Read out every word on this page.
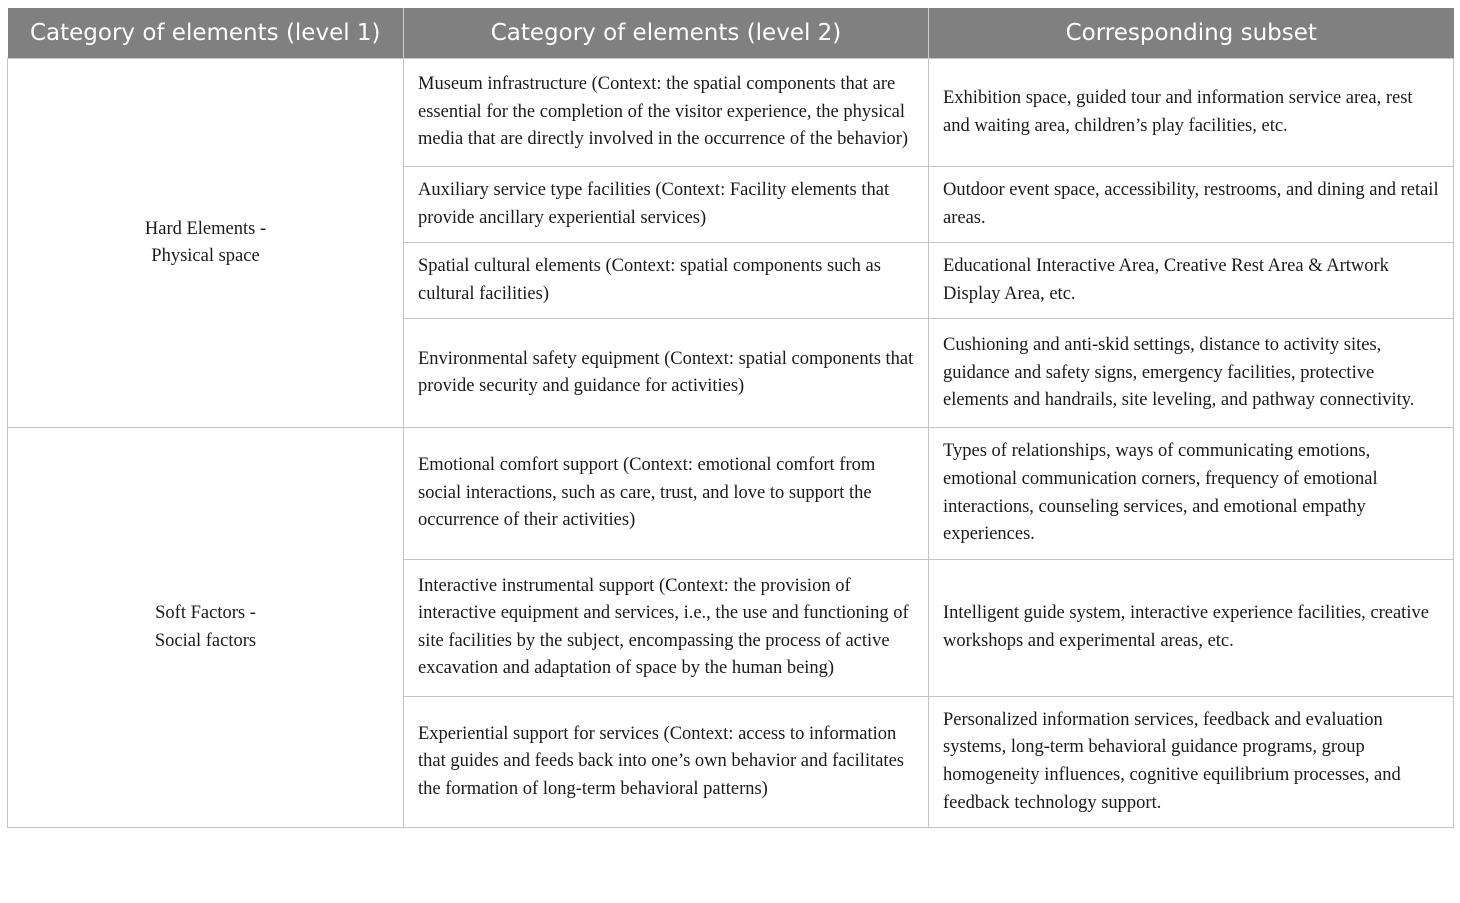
Category of elements (level 1)	Category of elements (level 2)	Corresponding subset

Hard Elements -
Physical space	Museum infrastructure (Context: the spatial components that are essential for the completion of the visitor experience, the physical media that are directly involved in the occurrence of the behavior)	Exhibition space, guided tour and information service area, rest and waiting area, children’s play facilities, etc.
	Auxiliary service type facilities (Context: Facility elements that provide ancillary experiential services)	Outdoor event space, accessibility, restrooms, and dining and retail areas.
	Spatial cultural elements (Context: spatial components such as cultural facilities)	Educational Interactive Area, Creative Rest Area & Artwork Display Area, etc.
	Environmental safety equipment (Context: spatial components that provide security and guidance for activities)	Cushioning and anti-skid settings, distance to activity sites, guidance and safety signs, emergency facilities, protective elements and handrails, site leveling, and pathway connectivity.

Soft Factors -
Social factors	Emotional comfort support (Context: emotional comfort from social interactions, such as care, trust, and love to support the occurrence of their activities)	Types of relationships, ways of communicating emotions, emotional communication corners, frequency of emotional interactions, counseling services, and emotional empathy experiences.
	Interactive instrumental support (Context: the provision of interactive equipment and services, i.e., the use and functioning of site facilities by the subject, encompassing the process of active excavation and adaptation of space by the human being)	Intelligent guide system, interactive experience facilities, creative workshops and experimental areas, etc.
	Experiential support for services (Context: access to information that guides and feeds back into one’s own behavior and facilitates the formation of long-term behavioral patterns)	Personalized information services, feedback and evaluation systems, long-term behavioral guidance programs, group homogeneity influences, cognitive equilibrium processes, and feedback technology support.
